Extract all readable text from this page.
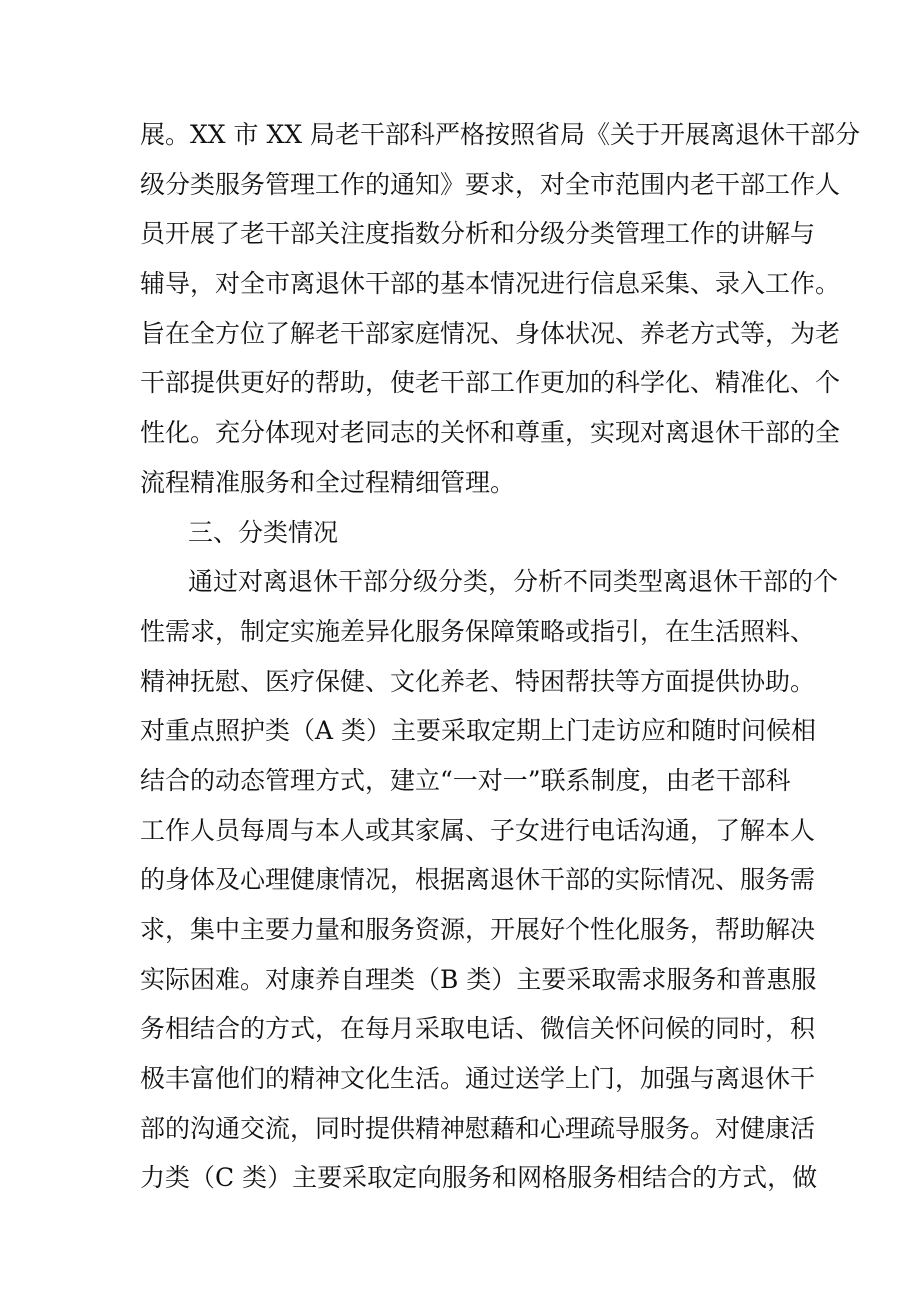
展。XX 市 XX 局老干部科严格按照省局《关于开展离退休干部分
级分类服务管理工作的通知》要求，对全市范围内老干部工作人
员开展了老干部关注度指数分析和分级分类管理工作的讲解与
辅导，对全市离退休干部的基本情况进行信息采集、录入工作。
旨在全方位了解老干部家庭情况、身体状况、养老方式等，为老
干部提供更好的帮助，使老干部工作更加的科学化、精准化、个
性化。充分体现对老同志的关怀和尊重，实现对离退休干部的全
流程精准服务和全过程精细管理。
三、分类情况
通过对离退休干部分级分类，分析不同类型离退休干部的个
性需求，制定实施差异化服务保障策略或指引，在生活照料、
精神抚慰、医疗保健、文化养老、特困帮扶等方面提供协助。
对重点照护类（A 类）主要采取定期上门走访应和随时问候相
结合的动态管理方式，建立“一对一”联系制度，由老干部科
工作人员每周与本人或其家属、子女进行电话沟通，了解本人
的身体及心理健康情况，根据离退休干部的实际情况、服务需
求，集中主要力量和服务资源，开展好个性化服务，帮助解决
实际困难。对康养自理类（B 类）主要采取需求服务和普惠服
务相结合的方式，在每月采取电话、微信关怀问候的同时，积
极丰富他们的精神文化生活。通过送学上门，加强与离退休干
部的沟通交流，同时提供精神慰藉和心理疏导服务。对健康活
力类（C 类）主要采取定向服务和网格服务相结合的方式，做
